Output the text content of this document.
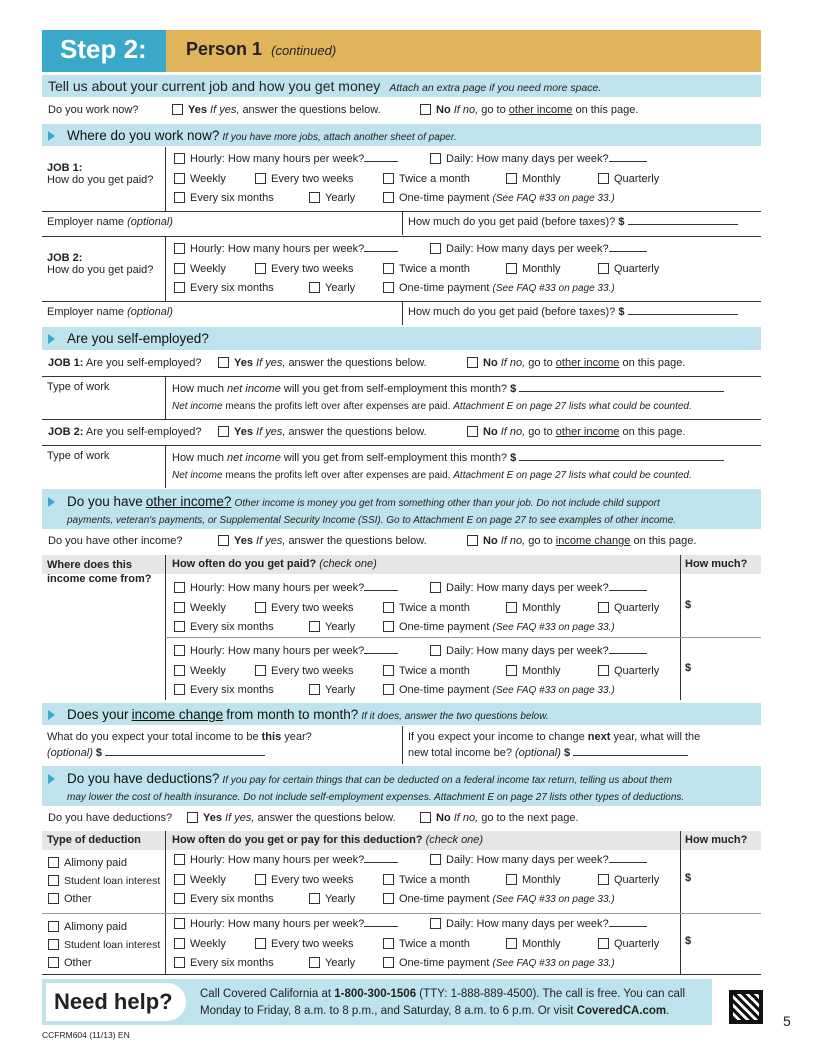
Step 2:	Person 1 (continued)
Tell us about your current job and how you get money Attach an extra page if you need more space.
Do you work now?	Yes If yes, answer the questions below.	No If no, go to other income on this page.
Where do you work now? If you have more jobs, attach another sheet of paper.
JOB 1:
How do you get paid?
Hourly: How many hours per week?	Daily: How many days per week?
Weekly	Every two weeks	Twice a month	Monthly	Quarterly
Every six months	Yearly	One-time payment (See FAQ #33 on page 33.)
Employer name (optional)	How much do you get paid (before taxes)? $
JOB 2:
How do you get paid?
Hourly: How many hours per week?	Daily: How many days per week?
Weekly	Every two weeks	Twice a month	Monthly	Quarterly
Every six months	Yearly	One-time payment (See FAQ #33 on page 33.)
Employer name (optional)	How much do you get paid (before taxes)? $
Are you self-employed?
JOB 1: Are you self-employed?	Yes If yes, answer the questions below.	No If no, go to other income on this page.
Type of work	How much net income will you get from self-employment this month? $
Net income means the profits left over after expenses are paid. Attachment E on page 27 lists what could be counted.
JOB 2: Are you self-employed?	Yes If yes, answer the questions below.	No If no, go to other income on this page.
Type of work	How much net income will you get from self-employment this month? $
Net income means the profits left over after expenses are paid. Attachment E on page 27 lists what could be counted.
Do you have other income? Other income is money you get from something other than your job. Do not include child support
payments, veteran's payments, or Supplemental Security Income (SSI). Go to Attachment E on page 27 to see examples of other income.
Do you have other income?	Yes If yes, answer the questions below.	No If no, go to income change on this page.
Where does this income come from?
How often do you get paid? (check one)	How much?
Hourly: How many hours per week?	Daily: How many days per week?
Weekly	Every two weeks	Twice a month	Monthly	Quarterly
Every six months	Yearly	One-time payment (See FAQ #33 on page 33.)
$
Hourly: How many hours per week?	Daily: How many days per week?
Weekly	Every two weeks	Twice a month	Monthly	Quarterly
Every six months	Yearly	One-time payment (See FAQ #33 on page 33.)
$
Does your income change from month to month? If it does, answer the two questions below.
What do you expect your total income to be this year?
(optional) $
If you expect your income to change next year, what will the
new total income be? (optional) $
Do you have deductions? If you pay for certain things that can be deducted on a federal income tax return, telling us about them
may lower the cost of health insurance. Do not include self-employment expenses. Attachment E on page 27 lists other types of deductions.
Do you have deductions?	Yes If yes, answer the questions below.	No If no, go to the next page.
Type of deduction	How often do you get or pay for this deduction? (check one)	How much?
Alimony paid
Student loan interest
Other
Hourly: How many hours per week?	Daily: How many days per week?
Weekly	Every two weeks	Twice a month	Monthly	Quarterly
Every six months	Yearly	One-time payment (See FAQ #33 on page 33.)
$
Alimony paid
Student loan interest
Other
Hourly: How many hours per week?	Daily: How many days per week?
Weekly	Every two weeks	Twice a month	Monthly	Quarterly
Every six months	Yearly	One-time payment (See FAQ #33 on page 33.)
$
Need help?	Call Covered California at 1-800-300-1506 (TTY: 1-888-889-4500). The call is free. You can call
Monday to Friday, 8 a.m. to 8 p.m., and Saturday, 8 a.m. to 6 p.m. Or visit CoveredCA.com.
5
CCFRM604 (11/13) EN
